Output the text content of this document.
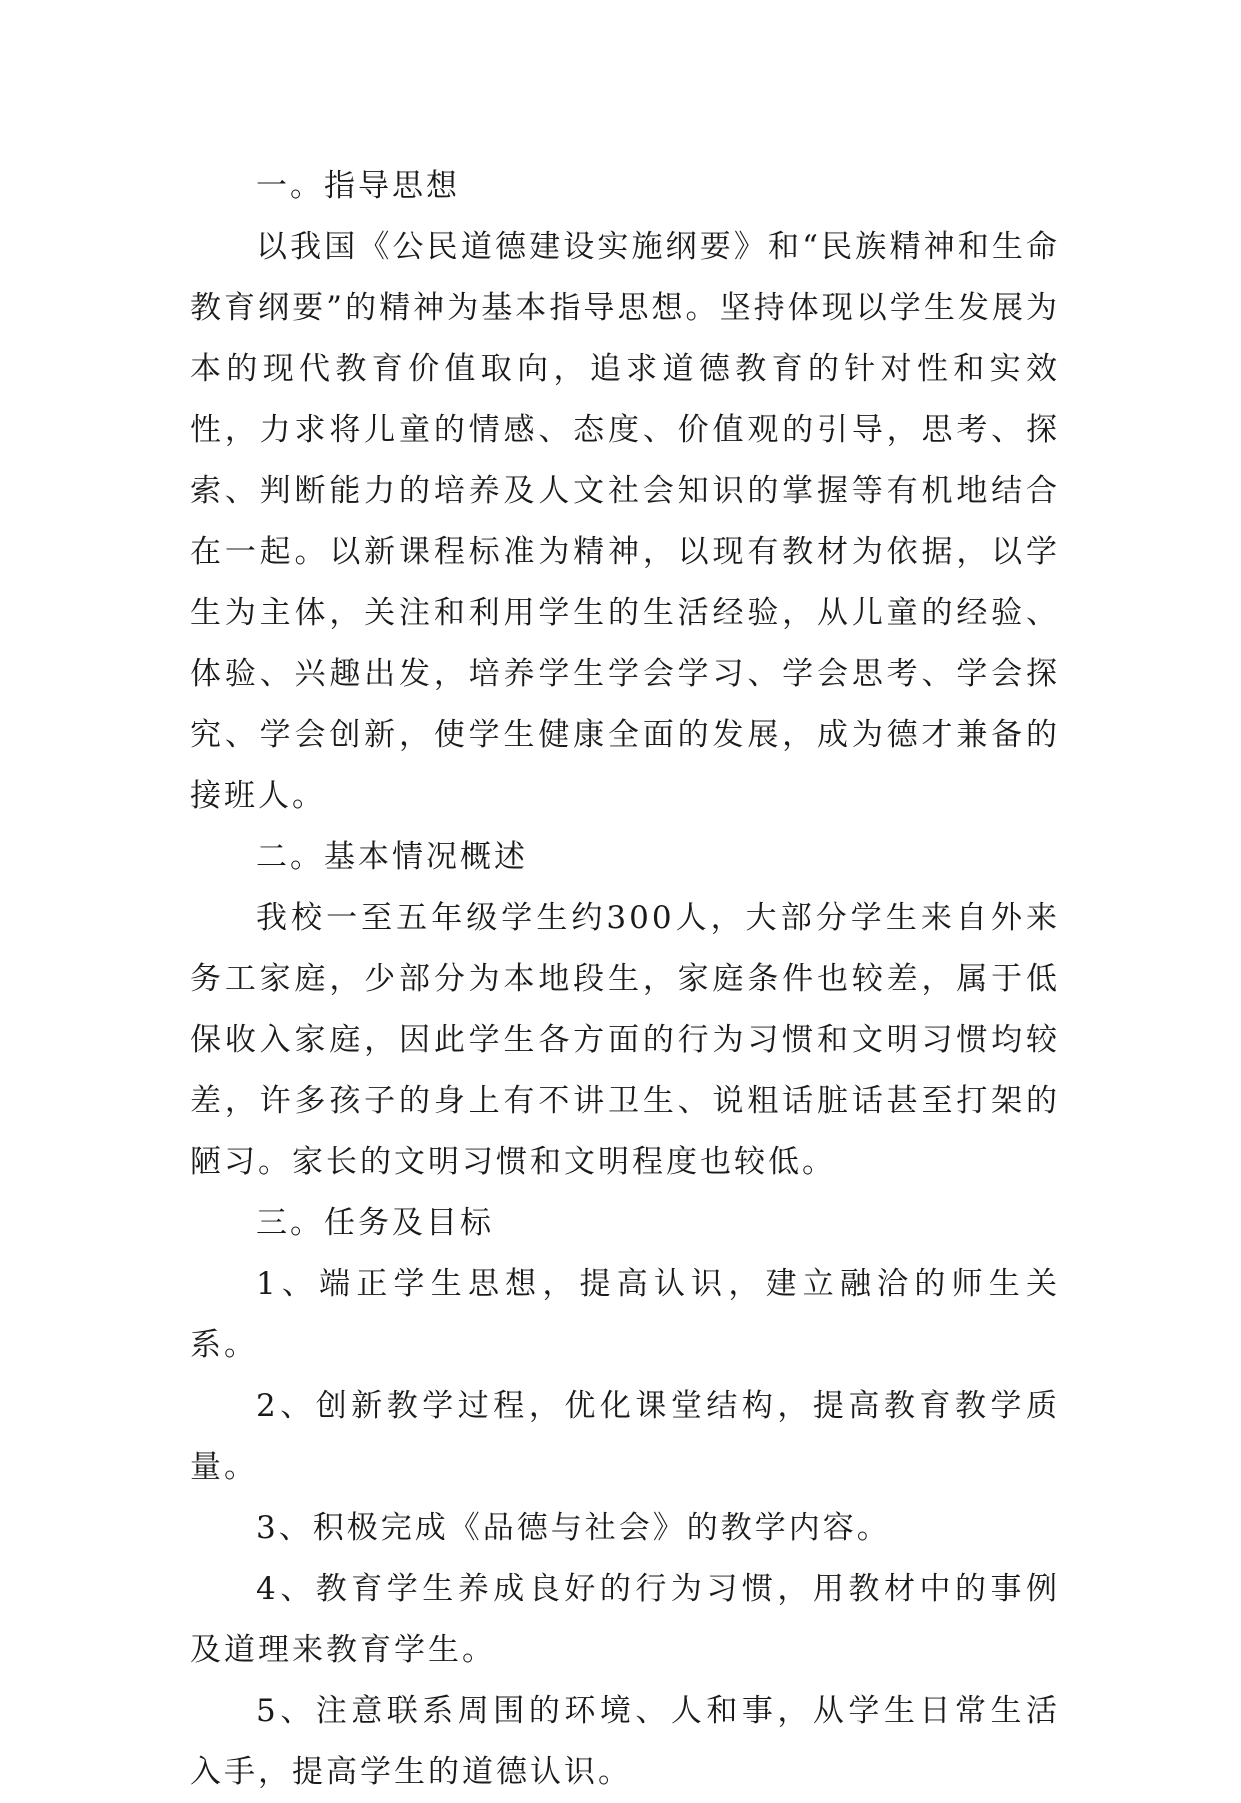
一。指导思想

以我国《公民道德建设实施纲要》和“民族精神和生命教育纲要”的精神为基本指导思想。坚持体现以学生发展为本的现代教育价值取向，追求道德教育的针对性和实效性，力求将儿童的情感、态度、价值观的引导，思考、探索、判断能力的培养及人文社会知识的掌握等有机地结合在一起。以新课程标准为精神，以现有教材为依据，以学生为主体，关注和利用学生的生活经验，从儿童的经验、体验、兴趣出发，培养学生学会学习、学会思考、学会探究、学会创新，使学生健康全面的发展，成为德才兼备的接班人。

二。基本情况概述

我校一至五年级学生约300人，大部分学生来自外来务工家庭，少部分为本地段生，家庭条件也较差，属于低保收入家庭，因此学生各方面的行为习惯和文明习惯均较差，许多孩子的身上有不讲卫生、说粗话脏话甚至打架的陋习。家长的文明习惯和文明程度也较低。

三。任务及目标

1、端正学生思想，提高认识，建立融洽的师生关系。

2、创新教学过程，优化课堂结构，提高教育教学质量。

3、积极完成《品德与社会》的教学内容。

4、教育学生养成良好的行为习惯，用教材中的事例及道理来教育学生。

5、注意联系周围的环境、人和事，从学生日常生活入手，提高学生的道德认识。
